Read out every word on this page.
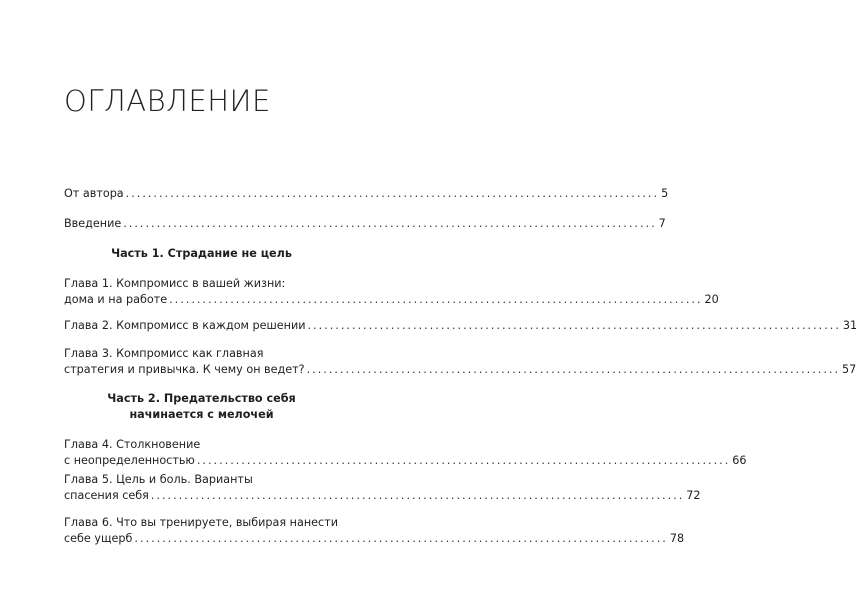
ОГЛАВЛЕНИЕ
От автора ................................................................................................ 5
Введение ................................................................................................ 7
Часть 1. Страдание не цель
Глава 1. Компромисс в вашей жизни:
дома и на работе ................................................................................................ 20
Глава 2. Компромисс в каждом решении ................................................................................................ 31
Глава 3. Компромисс как главная
стратегия и привычка. К чему он ведет? ................................................................................................ 57
Часть 2. Предательство себя
начинается с мелочей
Глава 4. Столкновение
с неопределенностью ................................................................................................ 66
Глава 5. Цель и боль. Варианты
спасения себя ................................................................................................ 72
Глава 6. Что вы тренируете, выбирая нанести
себе ущерб ................................................................................................ 78
